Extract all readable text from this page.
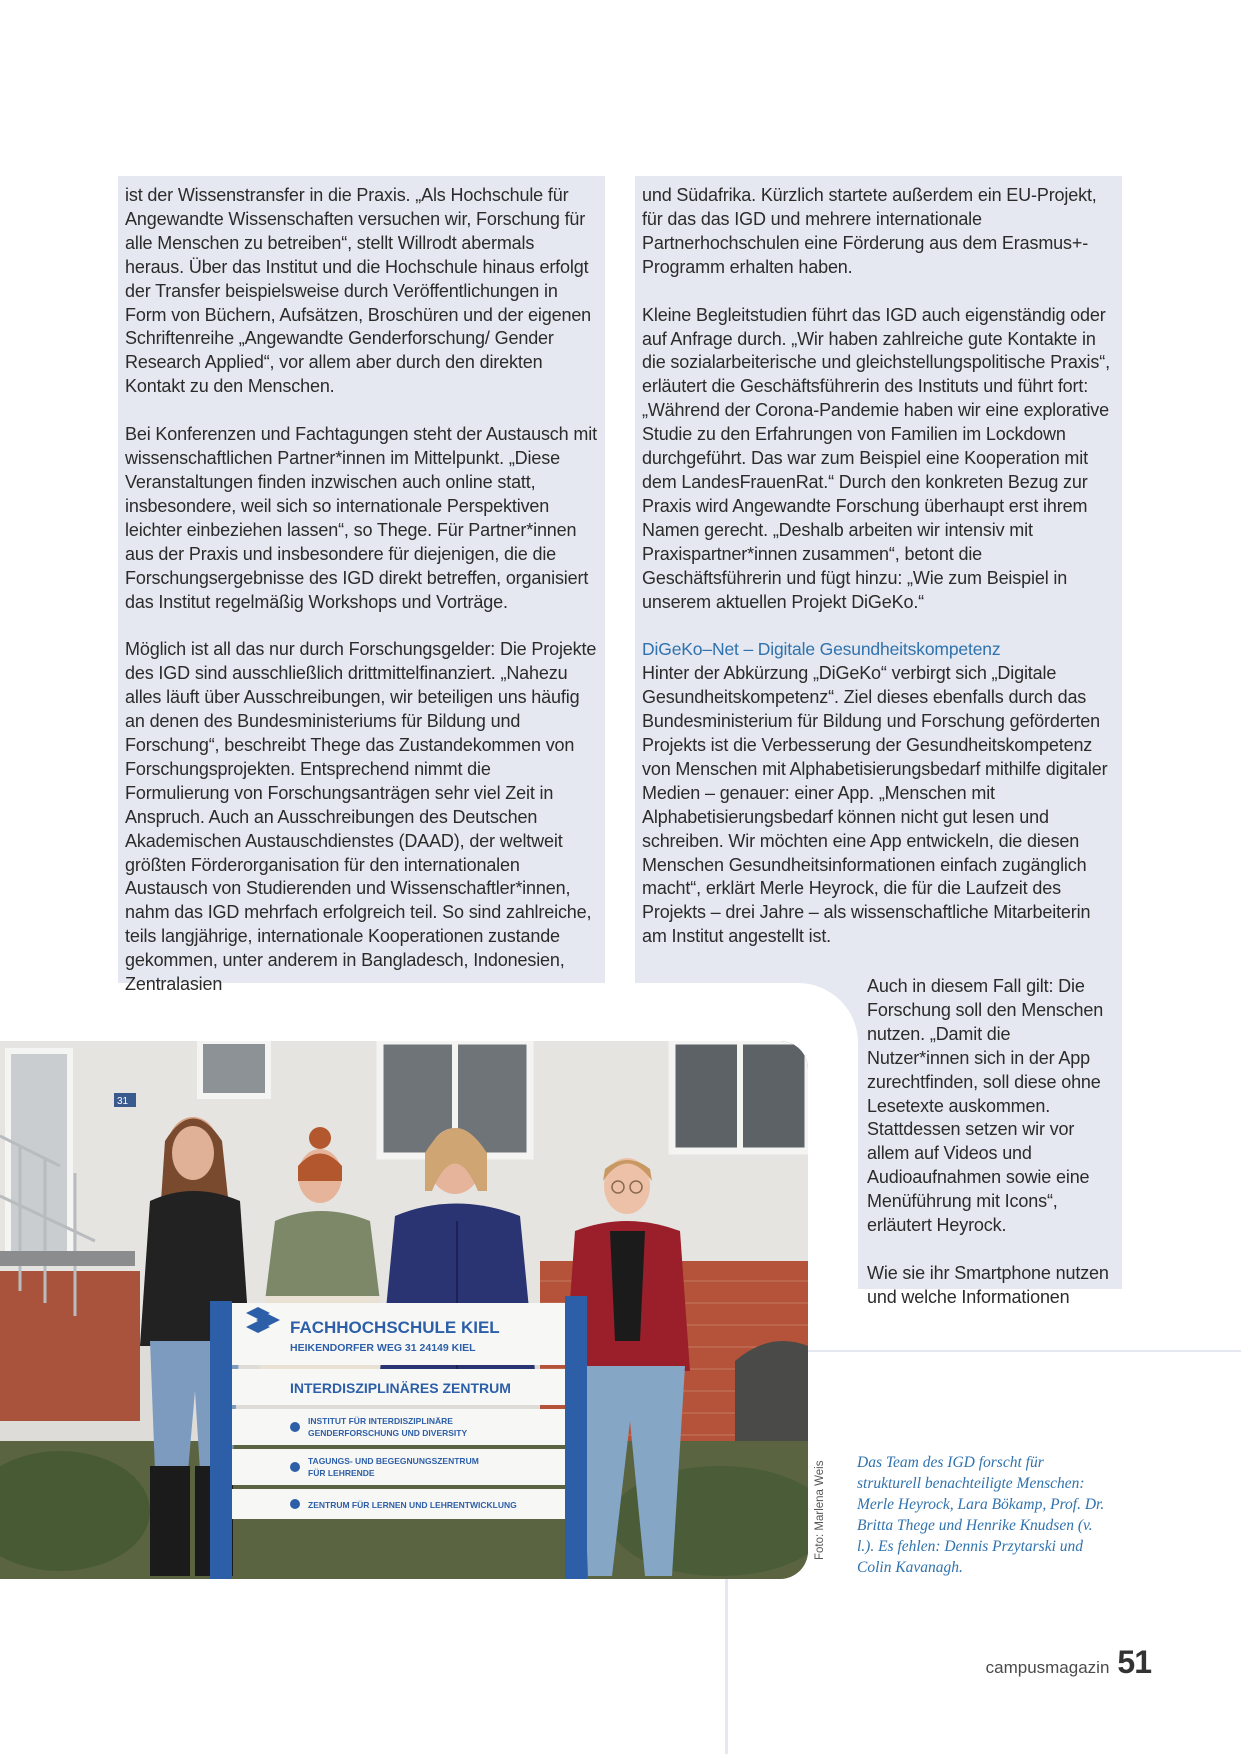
ist der Wissenstransfer in die Praxis. „Als Hochschule für Angewandte Wissenschaften versuchen wir, Forschung für alle Menschen zu betreiben“, stellt Willrodt abermals heraus. Über das Institut und die Hochschule hinaus erfolgt der Transfer beispielsweise durch Veröffentlichungen in Form von Büchern, Aufsätzen, Broschüren und der eigenen Schriftenreihe „Angewandte Genderforschung/ Gender Research Applied“, vor allem aber durch den direkten Kontakt zu den Menschen.

Bei Konferenzen und Fachtagungen steht der Austausch mit wissenschaftlichen Partner*innen im Mittelpunkt. „Diese Veranstaltungen finden inzwischen auch online statt, insbesondere, weil sich so internationale Perspektiven leichter einbeziehen lassen“, so Thege. Für Partner*innen aus der Praxis und insbesondere für diejenigen, die die Forschungsergebnisse des IGD direkt betreffen, organisiert das Institut regelmäßig Workshops und Vorträge.

Möglich ist all das nur durch Forschungsgelder: Die Projekte des IGD sind ausschließlich drittmittelfinanziert. „Nahezu alles läuft über Ausschreibungen, wir beteiligen uns häufig an denen des Bundesministeriums für Bildung und Forschung“, beschreibt Thege das Zustandekommen von Forschungsprojekten. Entsprechend nimmt die Formulierung von Forschungsanträgen sehr viel Zeit in Anspruch. Auch an Ausschreibungen des Deutschen Akademischen Austauschdienstes (DAAD), der weltweit größten Förderorganisation für den internationalen Austausch von Studierenden und Wissenschaftler*innen, nahm das IGD mehrfach erfolgreich teil. So sind zahlreiche, teils langjährige, internationale Kooperationen zustande gekommen, unter anderem in Bangladesch, Indonesien, Zentralasien

und Südafrika. Kürzlich startete außerdem ein EU-Projekt, für das das IGD und mehrere internationale Partnerhochschulen eine Förderung aus dem Erasmus+-Programm erhalten haben.

Kleine Begleitstudien führt das IGD auch eigenständig oder auf Anfrage durch. „Wir haben zahlreiche gute Kontakte in die sozialarbeiterische und gleichstellungspolitische Praxis“, erläutert die Geschäftsführerin des Instituts und führt fort: „Während der Corona-Pandemie haben wir eine explorative Studie zu den Erfahrungen von Familien im Lockdown durchgeführt. Das war zum Beispiel eine Kooperation mit dem LandesFrauenRat.“ Durch den konkreten Bezug zur Praxis wird Angewandte Forschung überhaupt erst ihrem Namen gerecht. „Deshalb arbeiten wir intensiv mit Praxispartner*innen zusammen“, betont die Geschäftsführerin und fügt hinzu: „Wie zum Beispiel in unserem aktuellen Projekt DiGeKo.“

DiGeKo–Net – Digitale Gesundheitskompetenz

Hinter der Abkürzung „DiGeKo“ verbirgt sich „Digitale Gesundheitskompetenz“. Ziel dieses ebenfalls durch das Bundesministerium für Bildung und Forschung geförderten Projekts ist die Verbesserung der Gesundheitskompetenz von Menschen mit Alphabetisierungsbedarf mithilfe digitaler Medien – genauer: einer App. „Menschen mit Alphabetisierungsbedarf können nicht gut lesen und schreiben. Wir möchten eine App entwickeln, die diesen Menschen Gesundheitsinformationen einfach zugänglich macht“, erklärt Merle Heyrock, die für die Laufzeit des Projekts – drei Jahre – als wissenschaftliche Mitarbeiterin am Institut angestellt ist.

Auch in diesem Fall gilt: Die Forschung soll den Menschen nutzen. „Damit die Nutzer*innen sich in der App zurechtfinden, soll diese ohne Lesetexte auskommen. Stattdessen setzen wir vor allem auf Videos und Audioaufnahmen sowie eine Menüführung mit Icons“, erläutert Heyrock.

Wie sie ihr Smartphone nutzen und welche Informationen

31
FACHHOCHSCHULE KIEL
HEIKENDORFER WEG 31 24149 KIEL
INTERDISZIPLINÄRES ZENTRUM
INSTITUT FÜR INTERDISZIPLINÄRE
GENDERFORSCHUNG UND DIVERSITY
TAGUNGS- UND BEGEGNUNGSZENTRUM
FÜR LEHRENDE
ZENTRUM FÜR LERNEN UND LEHRENTWICKLUNG	Foto: Marlena Weis Das Team des IGD forscht für strukturell benachteiligte Menschen: Merle Heyrock, Lara Bökamp, Prof. Dr. Britta Thege und Henrike Knudsen (v. l.). Es fehlen: Dennis Przytarski und Colin Kavanagh.
campusmagazin 51
